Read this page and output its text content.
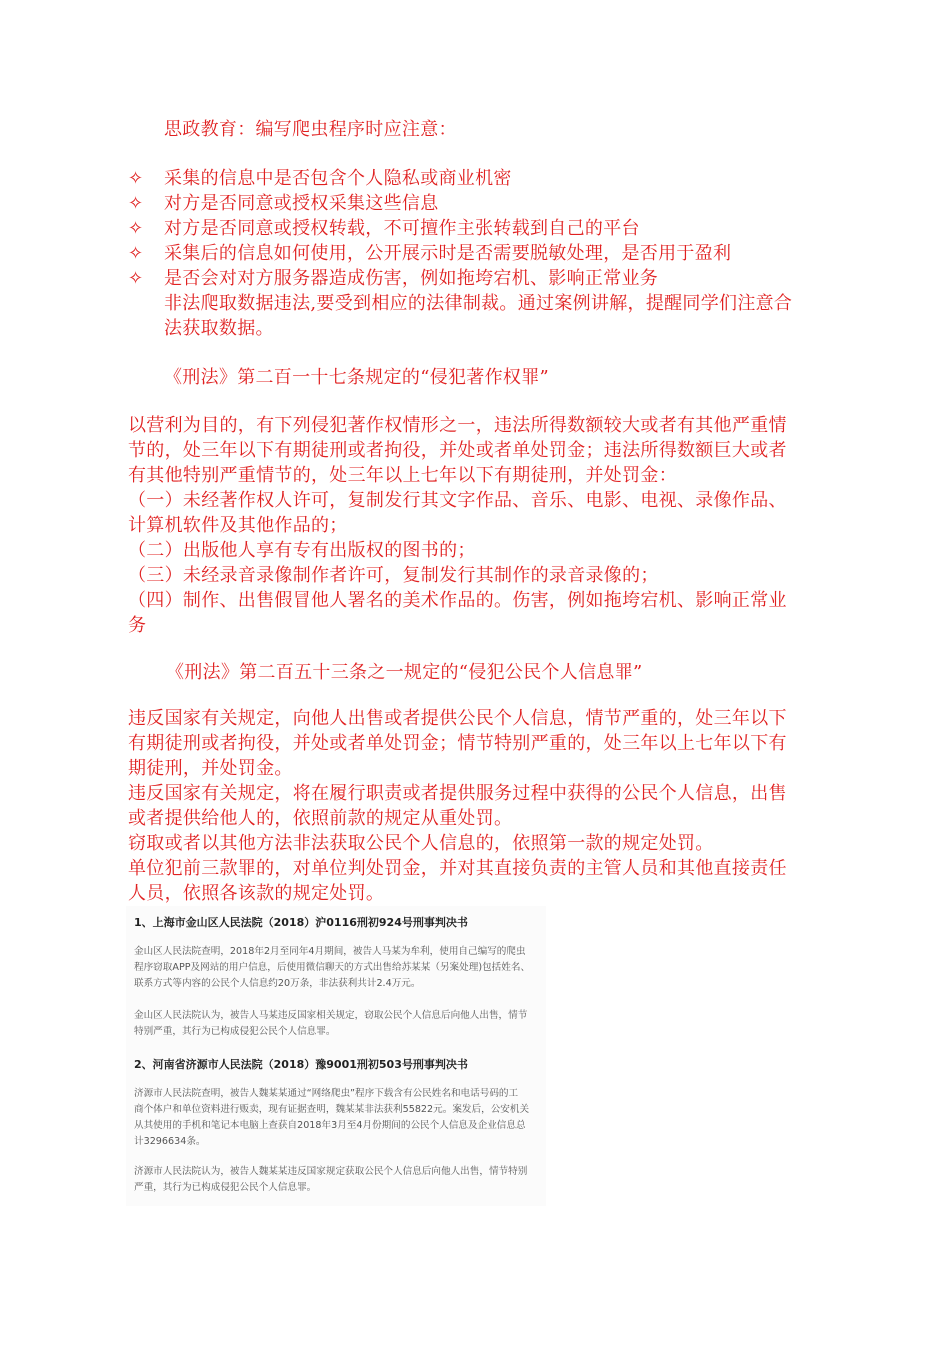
思政教育：编写爬虫程序时应注意：
✧ 采集的信息中是否包含个人隐私或商业机密
✧ 对方是否同意或授权采集这些信息
✧ 对方是否同意或授权转载，不可擅作主张转载到自己的平台
✧ 采集后的信息如何使用，公开展示时是否需要脱敏处理，是否用于盈利
✧ 是否会对对方服务器造成伤害，例如拖垮宕机、影响正常业务
非法爬取数据违法,要受到相应的法律制裁。通过案例讲解，提醒同学们注意合
法获取数据。
《刑法》第二百一十七条规定的“侵犯著作权罪”
以营利为目的，有下列侵犯著作权情形之一，违法所得数额较大或者有其他严重情
节的，处三年以下有期徒刑或者拘役，并处或者单处罚金；违法所得数额巨大或者
有其他特别严重情节的，处三年以上七年以下有期徒刑，并处罚金：
（一）未经著作权人许可，复制发行其文字作品、音乐、电影、电视、录像作品、
计算机软件及其他作品的；
（二）出版他人享有专有出版权的图书的；
（三）未经录音录像制作者许可，复制发行其制作的录音录像的；
（四）制作、出售假冒他人署名的美术作品的。伤害，例如拖垮宕机、影响正常业
务
《刑法》第二百五十三条之一规定的“侵犯公民个人信息罪”
违反国家有关规定，向他人出售或者提供公民个人信息，情节严重的，处三年以下
有期徒刑或者拘役，并处或者单处罚金；情节特别严重的，处三年以上七年以下有
期徒刑，并处罚金。
违反国家有关规定，将在履行职责或者提供服务过程中获得的公民个人信息，出售
或者提供给他人的，依照前款的规定从重处罚。
窃取或者以其他方法非法获取公民个人信息的，依照第一款的规定处罚。
单位犯前三款罪的，对单位判处罚金，并对其直接负责的主管人员和其他直接责任
人员，依照各该款的规定处罚。
1、上海市金山区人民法院（2018）沪0116刑初924号刑事判决书
金山区人民法院查明，2018年2月至同年4月期间，被告人马某为牟利，使用自己编写的爬虫
程序窃取APP及网站的用户信息，后使用微信聊天的方式出售给苏某某（另案处理)包括姓名、
联系方式等内容的公民个人信息约20万条，非法获利共计2.4万元。
金山区人民法院认为，被告人马某违反国家相关规定，窃取公民个人信息后向他人出售，情节
特别严重，其行为已构成侵犯公民个人信息罪。
2、河南省济源市人民法院（2018）豫9001刑初503号刑事判决书
济源市人民法院查明，被告人魏某某通过“网络爬虫”程序下载含有公民姓名和电话号码的工
商个体户和单位资料进行贩卖，现有证据查明，魏某某非法获利55822元。案发后，公安机关
从其使用的手机和笔记本电脑上查获自2018年3月至4月份期间的公民个人信息及企业信息总
计3296634条。
济源市人民法院认为，被告人魏某某违反国家规定获取公民个人信息后向他人出售，情节特别
严重，其行为已构成侵犯公民个人信息罪。
